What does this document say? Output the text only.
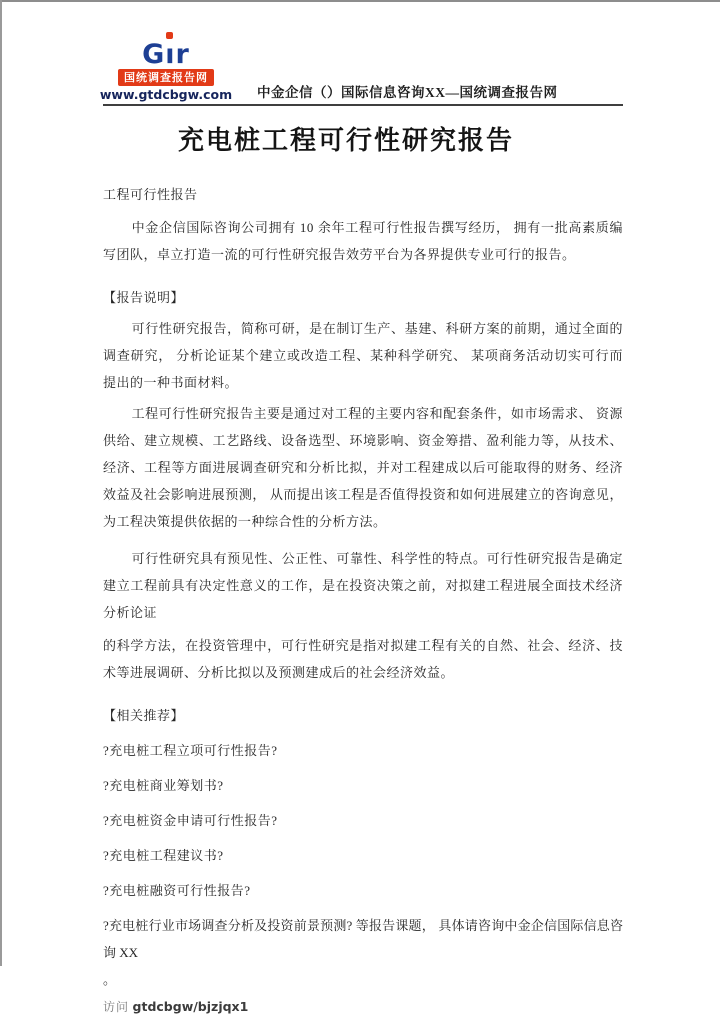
Gı
r
国统调查报告网
www.gtdcbgw.com 中金企信（）国际信息咨询XX—国统调查报告网
充电桩工程可行性研究报告

工程可行性报告

中金企信国际咨询公司拥有 10 余年工程可行性报告撰写经历， 拥有一批高素质编写团队，卓立打造一流的可行性研究报告效劳平台为各界提供专业可行的报告。

【报告说明】

可行性研究报告，简称可研，是在制订生产、基建、科研方案的前期，通过全面的调查研究， 分析论证某个建立或改造工程、某种科学研究、 某项商务活动切实可行而提出的一种书面材料。

工程可行性研究报告主要是通过对工程的主要内容和配套条件，如市场需求、 资源供给、建立规模、工艺路线、设备选型、环境影响、资金筹措、盈利能力等，从技术、经济、工程等方面进展调查研究和分析比拟，并对工程建成以后可能取得的财务、经济效益及社会影响进展预测， 从而提出该工程是否值得投资和如何进展建立的咨询意见，为工程决策提供依据的一种综合性的分析方法。

可行性研究具有预见性、公正性、可靠性、科学性的特点。可行性研究报告是确定建立工程前具有决定性意义的工作，是在投资决策之前，对拟建工程进展全面技术经济分析论证

的科学方法，在投资管理中，可行性研究是指对拟建工程有关的自然、社会、经济、技术等进展调研、分析比拟以及预测建成后的社会经济效益。

【相关推荐】

?充电桩工程立项可行性报告?

?充电桩商业筹划书?

?充电桩资金申请可行性报告?

?充电桩工程建议书?

?充电桩融资可行性报告?

?充电桩行业市场调查分析及投资前景预测? 等报告课题， 具体请咨询中金企信国际信息咨询 XX

。

访问 gtdcbgw/bjzjqx1
